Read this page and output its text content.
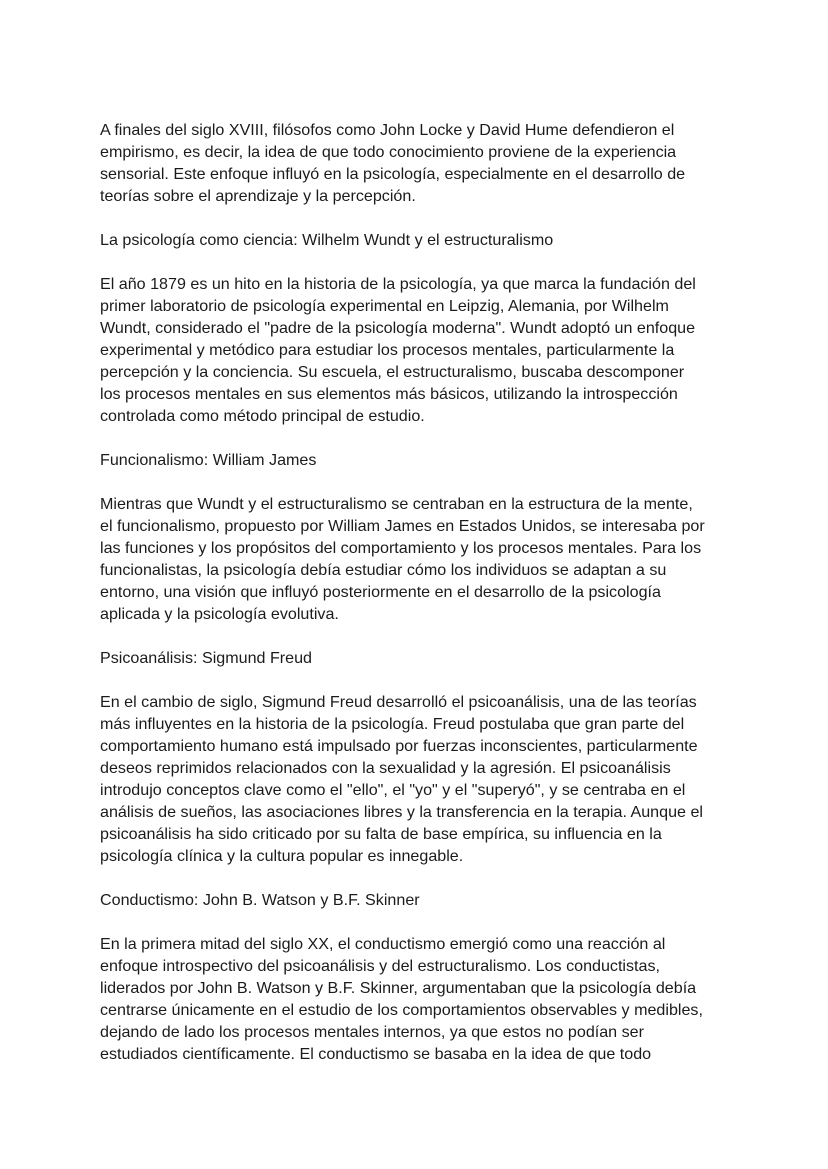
A finales del siglo XVIII, filósofos como John Locke y David Hume defendieron el
empirismo, es decir, la idea de que todo conocimiento proviene de la experiencia
sensorial. Este enfoque influyó en la psicología, especialmente en el desarrollo de
teorías sobre el aprendizaje y la percepción.

La psicología como ciencia: Wilhelm Wundt y el estructuralismo

El año 1879 es un hito en la historia de la psicología, ya que marca la fundación del
primer laboratorio de psicología experimental en Leipzig, Alemania, por Wilhelm
Wundt, considerado el "padre de la psicología moderna". Wundt adoptó un enfoque
experimental y metódico para estudiar los procesos mentales, particularmente la
percepción y la conciencia. Su escuela, el estructuralismo, buscaba descomponer
los procesos mentales en sus elementos más básicos, utilizando la introspección
controlada como método principal de estudio.

Funcionalismo: William James

Mientras que Wundt y el estructuralismo se centraban en la estructura de la mente,
el funcionalismo, propuesto por William James en Estados Unidos, se interesaba por
las funciones y los propósitos del comportamiento y los procesos mentales. Para los
funcionalistas, la psicología debía estudiar cómo los individuos se adaptan a su
entorno, una visión que influyó posteriormente en el desarrollo de la psicología
aplicada y la psicología evolutiva.

Psicoanálisis: Sigmund Freud

En el cambio de siglo, Sigmund Freud desarrolló el psicoanálisis, una de las teorías
más influyentes en la historia de la psicología. Freud postulaba que gran parte del
comportamiento humano está impulsado por fuerzas inconscientes, particularmente
deseos reprimidos relacionados con la sexualidad y la agresión. El psicoanálisis
introdujo conceptos clave como el "ello", el "yo" y el "superyó", y se centraba en el
análisis de sueños, las asociaciones libres y la transferencia en la terapia. Aunque el
psicoanálisis ha sido criticado por su falta de base empírica, su influencia en la
psicología clínica y la cultura popular es innegable.

Conductismo: John B. Watson y B.F. Skinner

En la primera mitad del siglo XX, el conductismo emergió como una reacción al
enfoque introspectivo del psicoanálisis y del estructuralismo. Los conductistas,
liderados por John B. Watson y B.F. Skinner, argumentaban que la psicología debía
centrarse únicamente en el estudio de los comportamientos observables y medibles,
dejando de lado los procesos mentales internos, ya que estos no podían ser
estudiados científicamente. El conductismo se basaba en la idea de que todo
